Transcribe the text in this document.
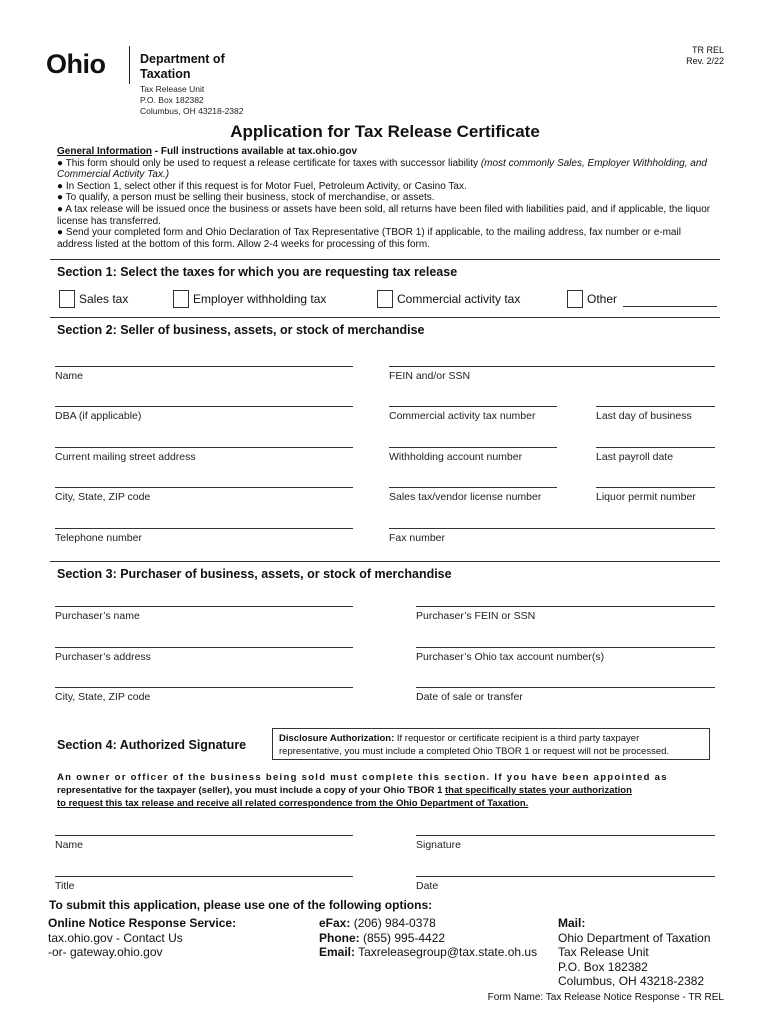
Ohio	Department of
Taxation
Tax Release Unit
P.O. Box 182382
Columbus, OH 43218-2382
TR REL
Rev. 2/22
Application for Tax Release Certificate
General Information - Full instructions available at tax.ohio.gov
● This form should only be used to request a release certificate for taxes with successor liability (most commonly Sales, Employer Withholding, and Commercial Activity Tax.)
● In Section 1, select other if this request is for Motor Fuel, Petroleum Activity, or Casino Tax.
● To qualify, a person must be selling their business, stock of merchandise, or assets.
● A tax release will be issued once the business or assets have been sold, all returns have been filed with liabilities paid, and if applicable, the liquor license has transferred.
● Send your completed form and Ohio Declaration of Tax Representative (TBOR 1) if applicable, to the mailing address, fax number or e-mail address listed at the bottom of this form. Allow 2-4 weeks for processing of this form.
Section 1: Select the taxes for which you are requesting tax release
Sales tax	Employer withholding tax	Commercial activity tax	Other
Section 2: Seller of business, assets, or stock of merchandise
Name	FEIN and/or SSN
DBA (if applicable)	Commercial activity tax number	Last day of business
Current mailing street address	Withholding account number	Last payroll date
City, State, ZIP code	Sales tax/vendor license number	Liquor permit number
Telephone number	Fax number
Section 3: Purchaser of business, assets, or stock of merchandise
Purchaser’s name	Purchaser’s FEIN or SSN
Purchaser’s address	Purchaser’s Ohio tax account number(s)
City, State, ZIP code	Date of sale or transfer
Disclosure Authorization: If requestor or certificate recipient is a third party taxpayer
representative, you must include a completed Ohio TBOR 1 or request will not be processed.
Section 4: Authorized Signature
An owner or officer of the business being sold must complete this section. If you have been appointed as
representative for the taxpayer (seller), you must include a copy of your Ohio TBOR 1 that specifically states your authorization
to request this tax release and receive all related correspondence from the Ohio Department of Taxation.
Name	Signature
Title	Date
To submit this application, please use one of the following options:
Online Notice Response Service:
tax.ohio.gov - Contact Us
-or- gateway.ohio.gov
eFax: (206) 984-0378
Phone: (855) 995-4422
Email: Taxreleasegroup@tax.state.oh.us
Mail:
Ohio Department of Taxation
Tax Release Unit
P.O. Box 182382
Columbus, OH 43218-2382
Form Name: Tax Release Notice Response - TR REL
